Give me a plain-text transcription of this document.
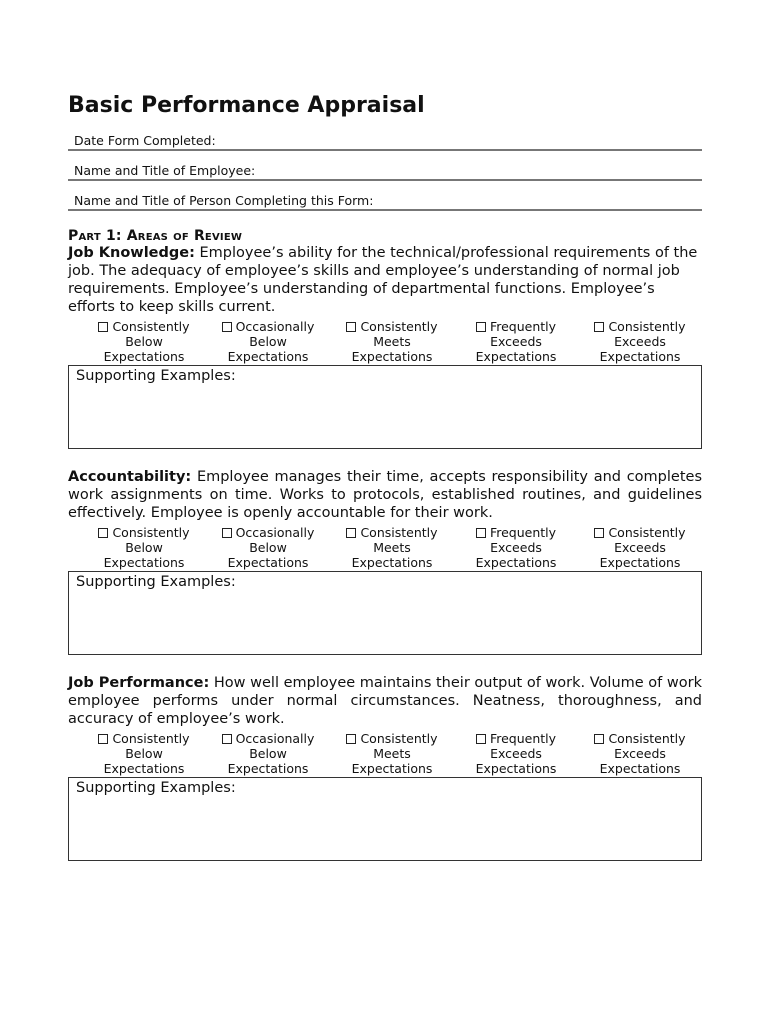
Basic Performance Appraisal
Date Form Completed:
Name and Title of Employee:
Name and Title of Person Completing this Form:
Part 1: Areas of Review

Job Knowledge: Employee’s ability for the technical/professional requirements of the job. The adequacy of employee’s skills and employee’s understanding of normal job requirements. Employee’s understanding of departmental functions. Employee’s efforts to keep skills current.

Consistently
Below
Expectations
Occasionally
Below
Expectations
Consistently
Meets
Expectations
Frequently
Exceeds
Expectations
Consistently
Exceeds
Expectations
Supporting Examples:

Accountability: Employee manages their time, accepts responsibility and completes work assignments on time. Works to protocols, established routines, and guidelines effectively. Employee is openly accountable for their work.

Consistently
Below
Expectations
Occasionally
Below
Expectations
Consistently
Meets
Expectations
Frequently
Exceeds
Expectations
Consistently
Exceeds
Expectations
Supporting Examples:

Job Performance: How well employee maintains their output of work. Volume of work employee performs under normal circumstances. Neatness, thoroughness, and accuracy of employee’s work.

Consistently
Below
Expectations
Occasionally
Below
Expectations
Consistently
Meets
Expectations
Frequently
Exceeds
Expectations
Consistently
Exceeds
Expectations
Supporting Examples:
